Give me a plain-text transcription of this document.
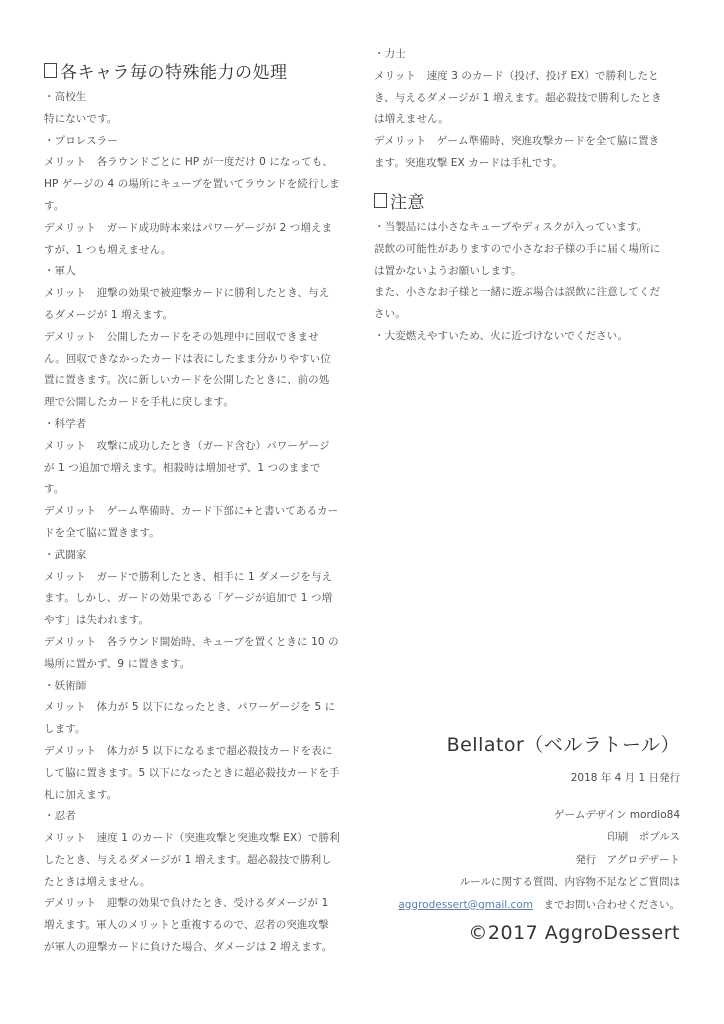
各キャラ毎の特殊能力の処理
・高校生
特にないです。
・プロレスラー
メリット　各ラウンドごとに HP が一度だけ 0 になっても、
HP ゲージの 4 の場所にキューブを置いてラウンドを続行しま
す。
デメリット　ガード成功時本来はパワーゲージが 2 つ増えま
すが、1 つも増えません。
・軍人
メリット　迎撃の効果で被迎撃カードに勝利したとき、与え
るダメージが 1 増えます。
デメリット　公開したカードをその処理中に回収できませ
ん。回収できなかったカードは表にしたまま分かりやすい位
置に置きます。次に新しいカードを公開したときに、前の処
理で公開したカードを手札に戻します。
・科学者
メリット　攻撃に成功したとき（ガード含む）パワーゲージ
が 1 つ追加で増えます。相殺時は増加せず、1 つのままで
す。
デメリット　ゲーム準備時、カード下部に+と書いてあるカー
ドを全て脇に置きます。
・武闘家
メリット　ガードで勝利したとき、相手に 1 ダメージを与え
ます。しかし、ガードの効果である「ゲージが追加で 1 つ増
やす」は失われます。
デメリット　各ラウンド開始時、キューブを置くときに 10 の
場所に置かず、9 に置きます。
・妖術師
メリット　体力が 5 以下になったとき、パワーゲージを 5 に
します。
デメリット　体力が 5 以下になるまで超必殺技カードを表に
して脇に置きます。5 以下になったときに超必殺技カードを手
札に加えます。
・忍者
メリット　速度 1 のカード（突進攻撃と突進攻撃 EX）で勝利
したとき、与えるダメージが 1 増えます。超必殺技で勝利し
たときは増えません。
デメリット　迎撃の効果で負けたとき、受けるダメージが 1
増えます。軍人のメリットと重複するので、忍者の突進攻撃
が軍人の迎撃カードに負けた場合、ダメージは 2 増えます。
・力士
メリット　速度 3 のカード（投げ、投げ EX）で勝利したと
き、与えるダメージが 1 増えます。超必殺技で勝利したとき
は増えません。
デメリット　ゲーム準備時、突進攻撃カードを全て脇に置き
ます。突進攻撃 EX カードは手札です。
注意
・当製品には小さなキューブやディスクが入っています。
誤飲の可能性がありますので小さなお子様の手に届く場所に
は置かないようお願いします。
また、小さなお子様と一緒に遊ぶ場合は誤飲に注意してくだ
さい。
・大変燃えやすいため、火に近づけないでください。
Bellator（ベルラトール）
2018 年 4 月 1 日発行
ゲームデザイン mordio84
印刷　ポプルス
発行　アグロデザート
ルールに関する質問、内容物不足などご質問は
aggrodessert@gmail.com　までお問い合わせください。
©2017 AggroDessert
